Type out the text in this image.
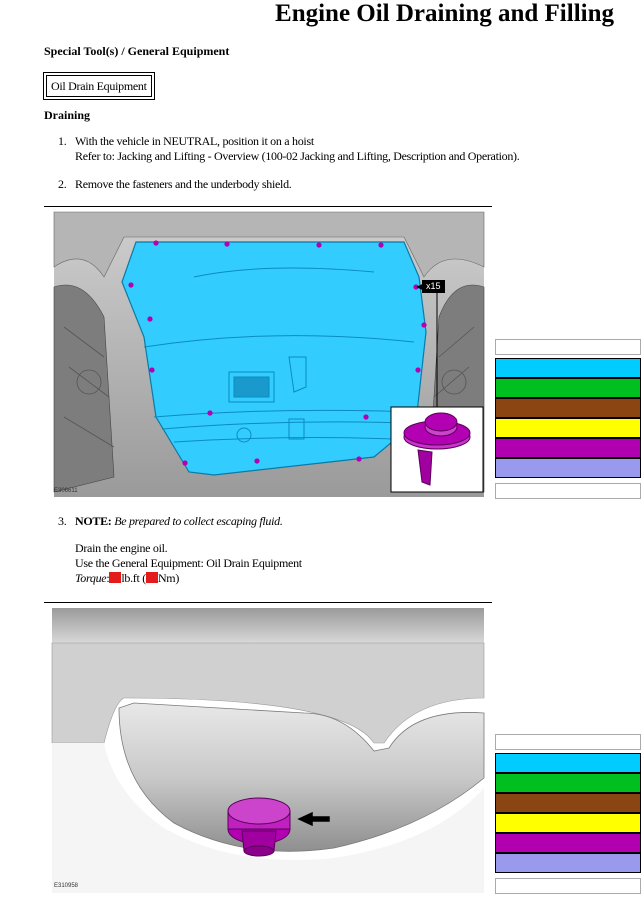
Engine Oil Draining and Filling
Special Tool(s) / General Equipment
Oil Drain Equipment
Draining
1. With the vehicle in NEUTRAL, position it on a hoist
Refer to: Jacking and Lifting - Overview (100-02 Jacking and Lifting, Description and Operation).
2. Remove the fasteners and the underbody shield.
x15
E306611
3. NOTE: Be prepared to collect escaping fluid.
Drain the engine oil.
Use the General Equipment: Oil Drain Equipment
Torque: lb.ft ( Nm)
E310958
